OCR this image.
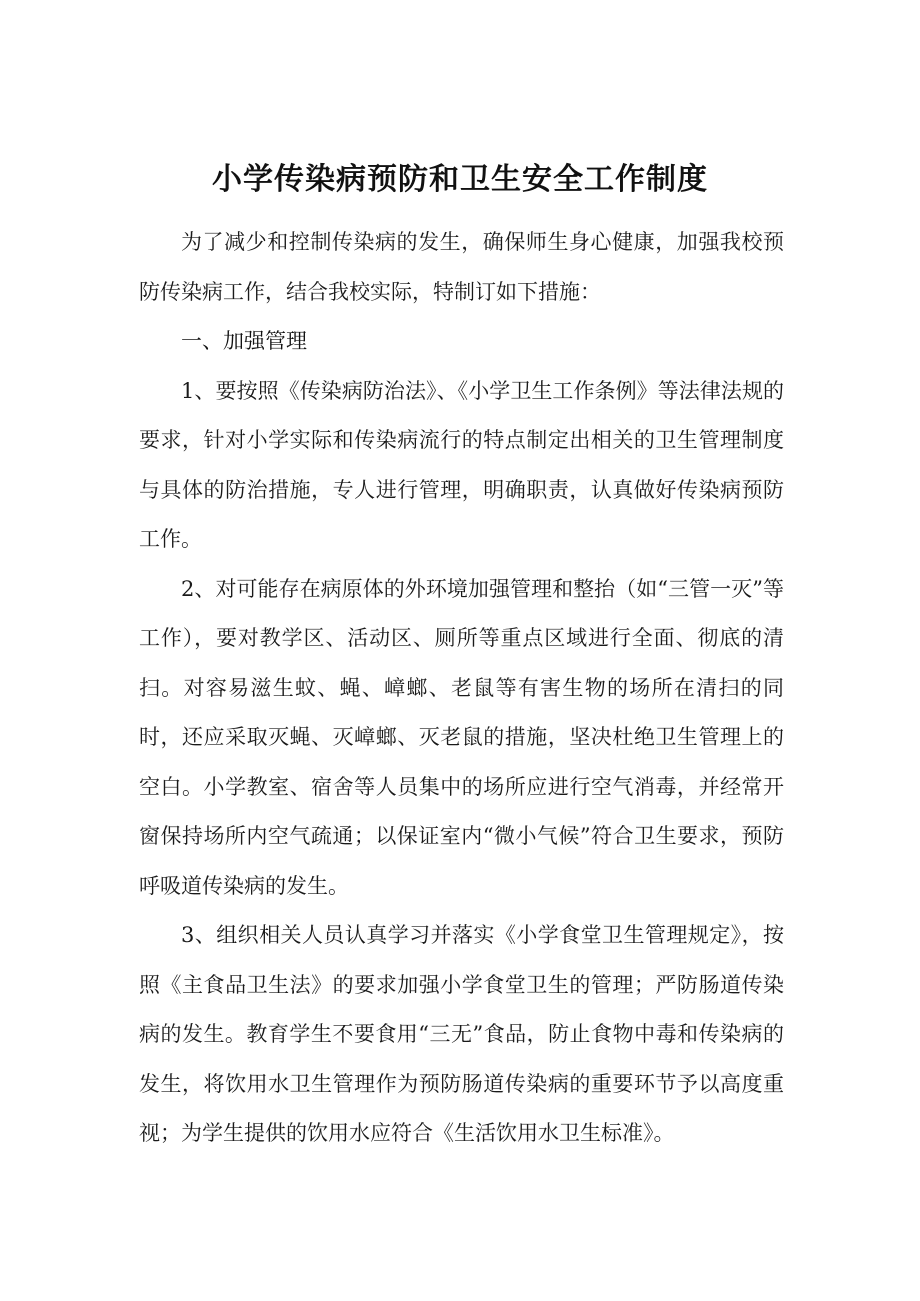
小学传染病预防和卫生安全工作制度

为了减少和控制传染病的发生，确保师生身心健康，加强我校预防传染病工作，结合我校实际，特制订如下措施：

一、加强管理

1、要按照《传染病防治法》、《小学卫生工作条例》等法律法规的要求，针对小学实际和传染病流行的特点制定出相关的卫生管理制度与具体的防治措施，专人进行管理，明确职责，认真做好传染病预防工作。

2、对可能存在病原体的外环境加强管理和整抬（如“三管一灭”等工作），要对教学区、活动区、厕所等重点区域进行全面、彻底的清扫。对容易滋生蚊、蝇、嶂螂、老鼠等有害生物的场所在清扫的同时，还应采取灭蝇、灭嶂螂、灭老鼠的措施，坚决杜绝卫生管理上的空白。小学教室、宿舍等人员集中的场所应进行空气消毒，并经常开窗保持场所内空气疏通；以保证室内“微小气候”符合卫生要求，预防呼吸道传染病的发生。

3、组织相关人员认真学习并落实《小学食堂卫生管理规定》，按照《主食品卫生法》的要求加强小学食堂卫生的管理；严防肠道传染病的发生。教育学生不要食用“三无”食品，防止食物中毒和传染病的发生，将饮用水卫生管理作为预防肠道传染病的重要环节予以高度重视；为学生提供的饮用水应符合《生活饮用水卫生标准》。
